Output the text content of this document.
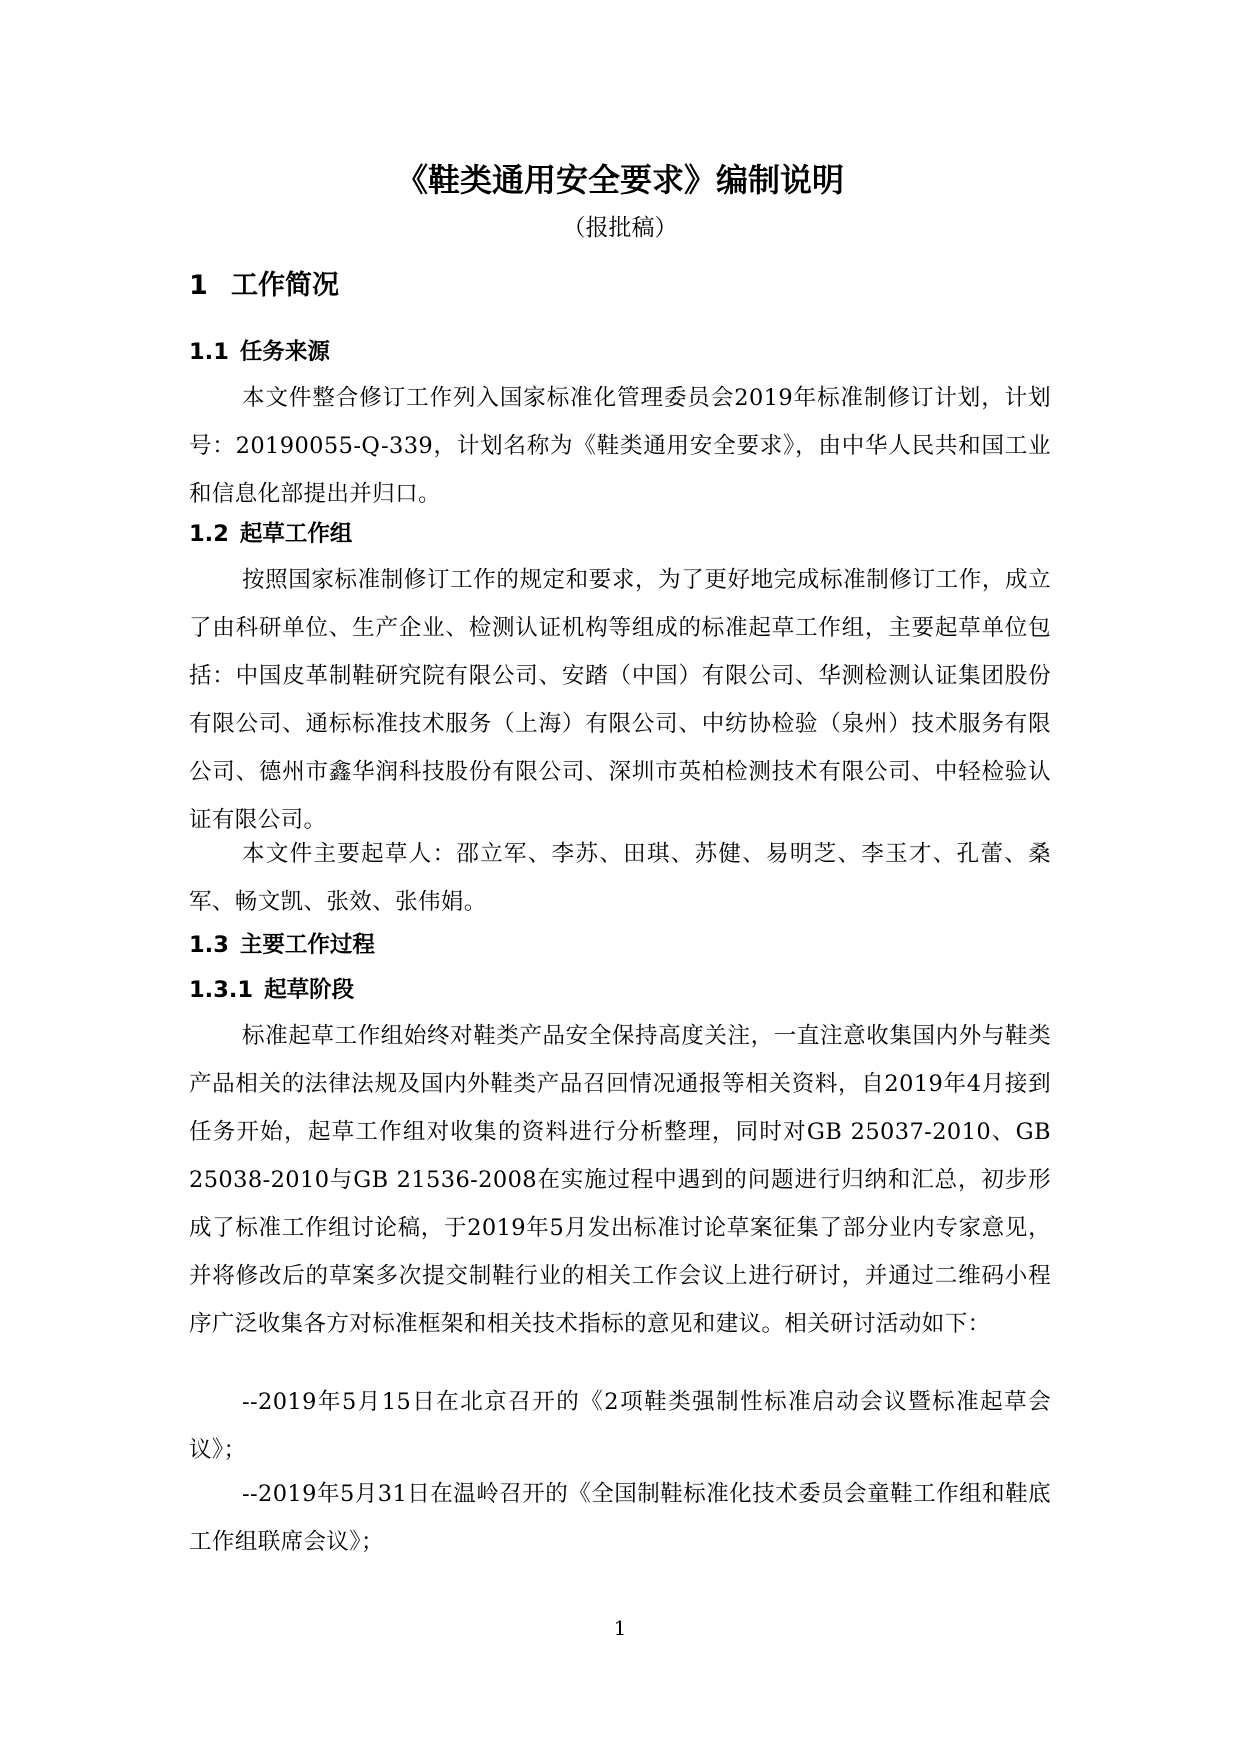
《鞋类通用安全要求》编制说明

（报批稿）

1 工作简况
1.1 任务来源

本文件整合修订工作列入国家标准化管理委员会2019年标准制修订计划，计划号：20190055-Q-339，计划名称为《鞋类通用安全要求》，由中华人民共和国工业和信息化部提出并归口。

1.2 起草工作组

按照国家标准制修订工作的规定和要求，为了更好地完成标准制修订工作，成立了由科研单位、生产企业、检测认证机构等组成的标准起草工作组，主要起草单位包括：中国皮革制鞋研究院有限公司、安踏（中国）有限公司、华测检测认证集团股份有限公司、通标标准技术服务（上海）有限公司、中纺协检验（泉州）技术服务有限公司、德州市鑫华润科技股份有限公司、深圳市英柏检测技术有限公司、中轻检验认证有限公司。

本文件主要起草人：邵立军、李苏、田琪、苏健、易明芝、李玉才、孔蕾、桑军、畅文凯、张效、张伟娟。

1.3 主要工作过程
1.3.1 起草阶段

标准起草工作组始终对鞋类产品安全保持高度关注，一直注意收集国内外与鞋类产品相关的法律法规及国内外鞋类产品召回情况通报等相关资料，自2019年4月接到任务开始，起草工作组对收集的资料进行分析整理，同时对GB 25037-2010、GB 25038-2010与GB 21536-2008在实施过程中遇到的问题进行归纳和汇总，初步形成了标准工作组讨论稿，于2019年5月发出标准讨论草案征集了部分业内专家意见，并将修改后的草案多次提交制鞋行业的相关工作会议上进行研讨，并通过二维码小程序广泛收集各方对标准框架和相关技术指标的意见和建议。相关研讨活动如下：

--2019年5月15日在北京召开的《2项鞋类强制性标准启动会议暨标准起草会议》；

--2019年5月31日在温岭召开的《全国制鞋标准化技术委员会童鞋工作组和鞋底工作组联席会议》；

1
